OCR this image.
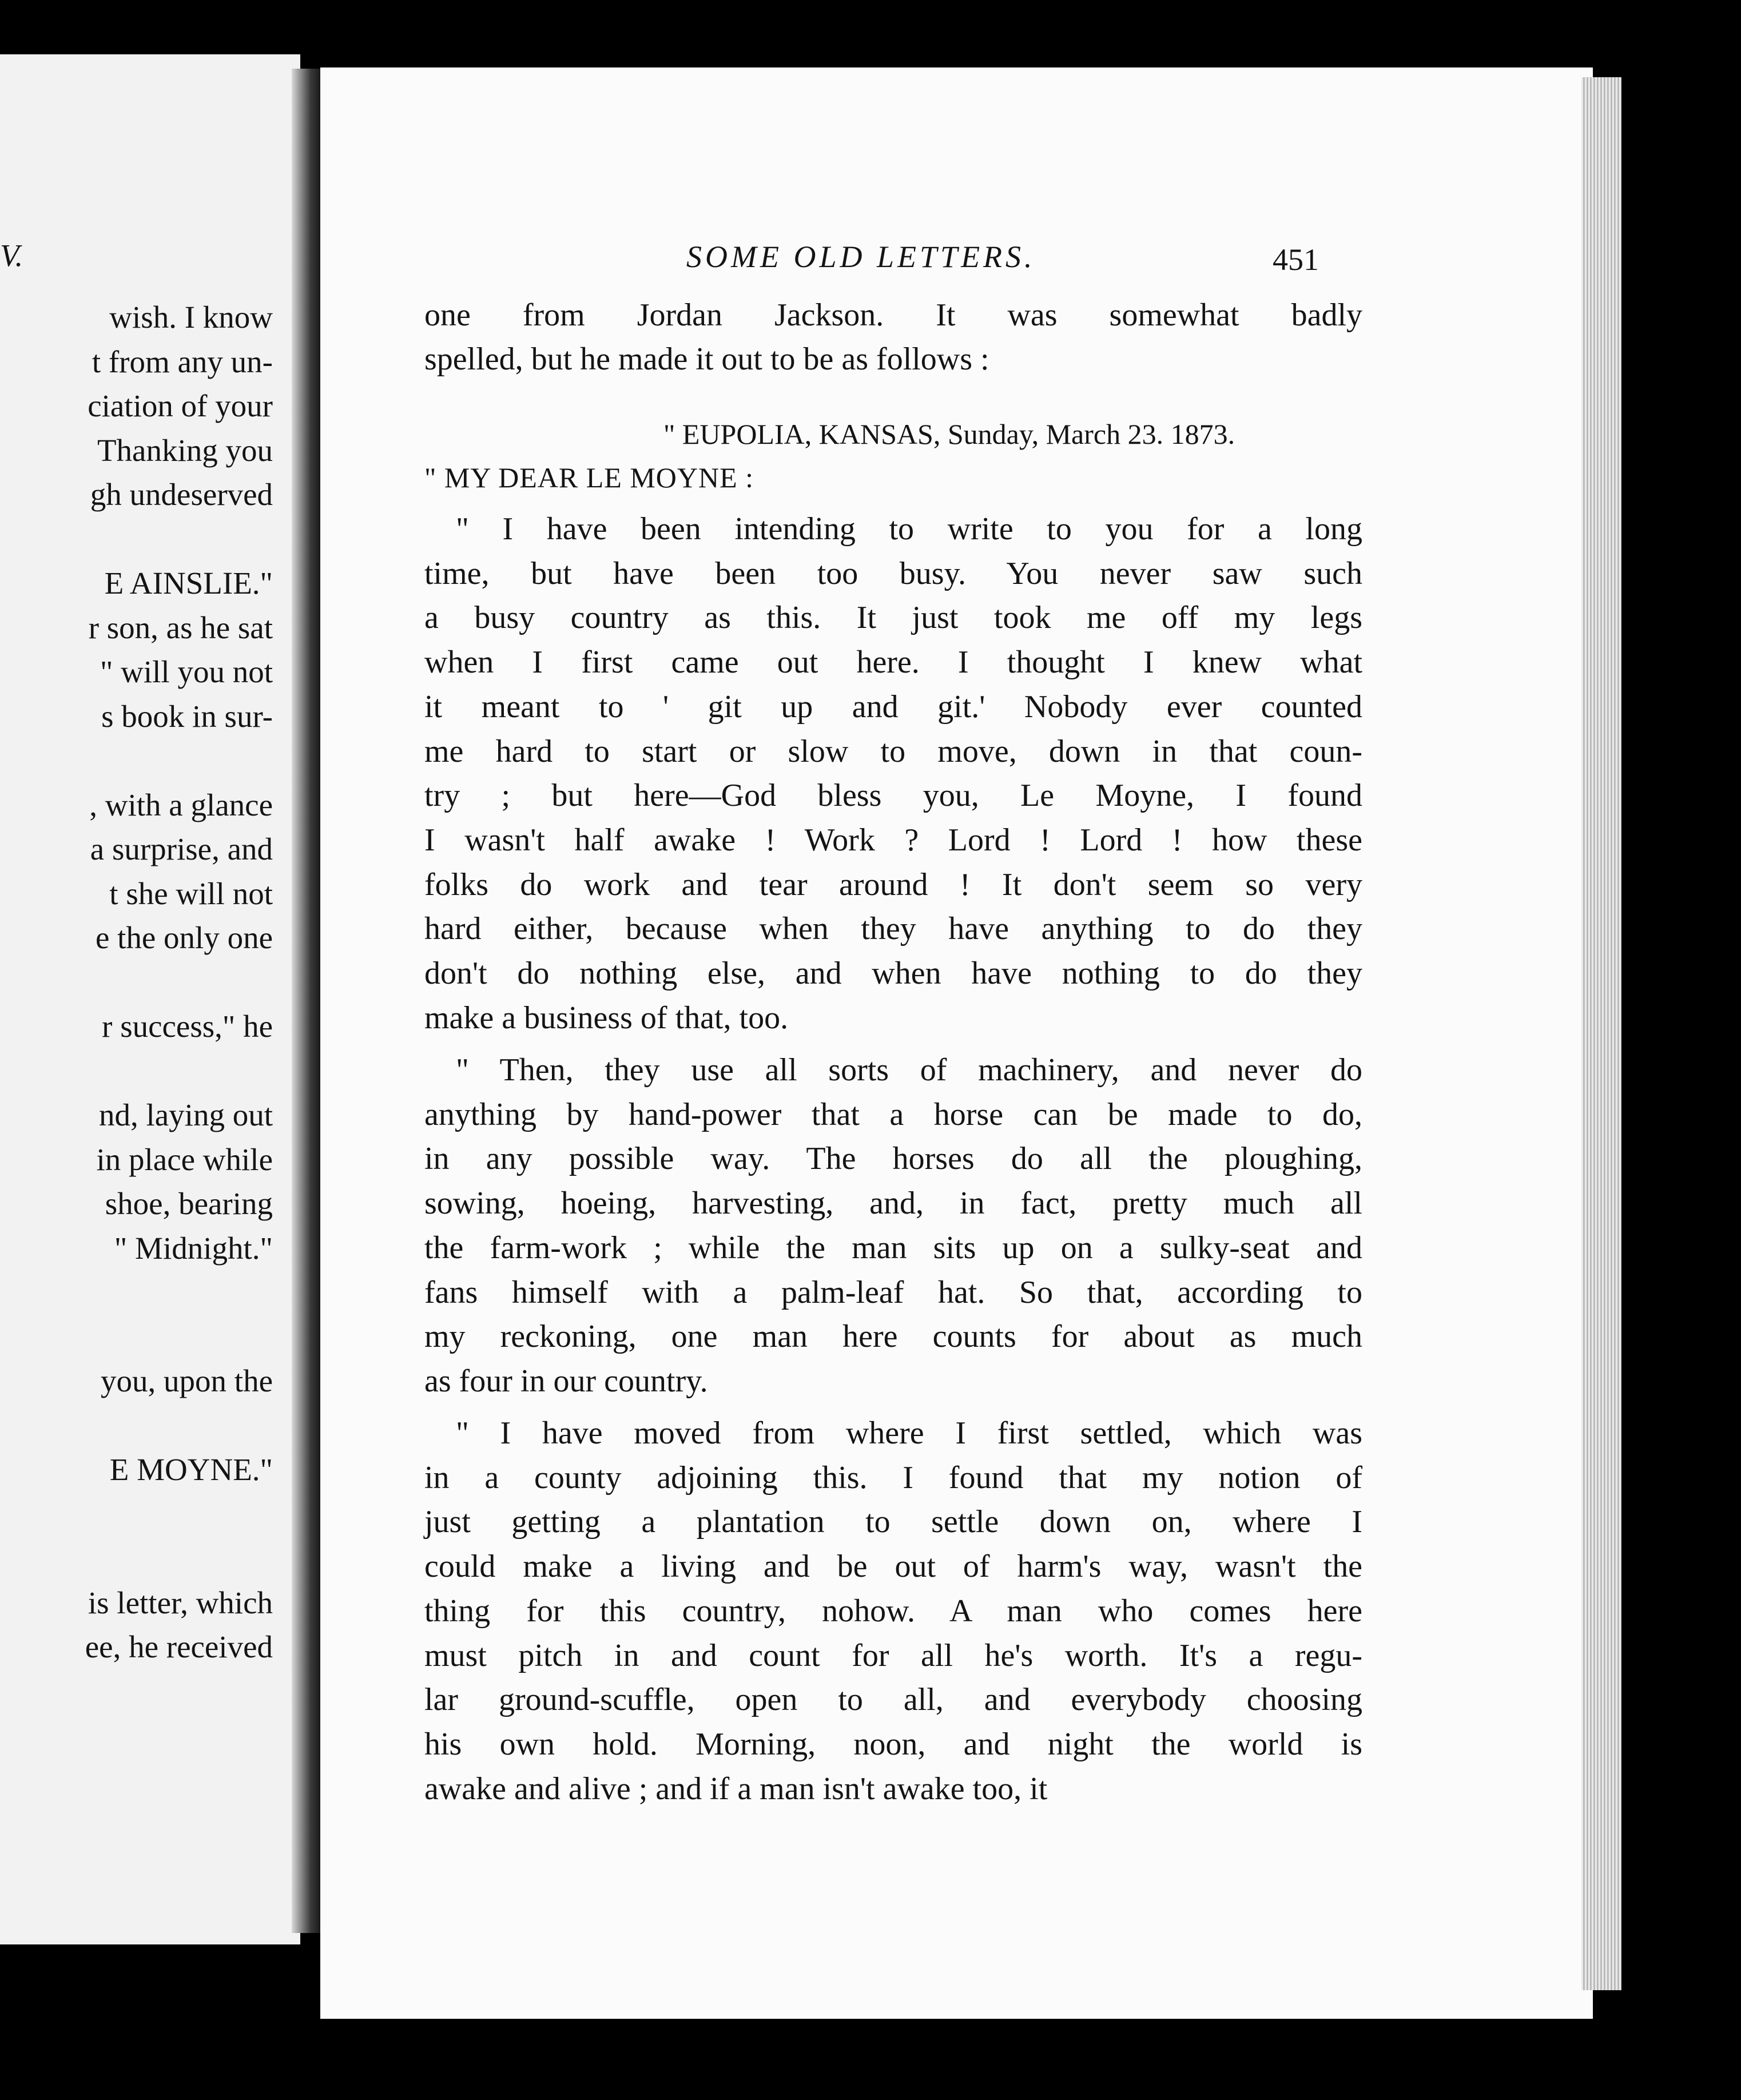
V.
wish. I know
t from any un-
ciation of your
Thanking you
gh undeserved
E AINSLIE."
r son, as he sat
" will you not
s book in sur-
, with a glance
a surprise, and
t she will not
e the only one
r success," he
nd, laying out
in place while
shoe, bearing
" Midnight."
you, upon the
E MOYNE."
is letter, which
ee, he received
SOME OLD LETTERS.	451
one from Jordan Jackson. It was somewhat badly
spelled, but he made it out to be as follows :
" EUPOLIA, KANSAS, Sunday, March 23. 1873.
" MY DEAR LE MOYNE :
" I have been intending to write to you for a long
time, but have been too busy. You never saw such
a busy country as this. It just took me off my legs
when I first came out here. I thought I knew what
it meant to ' git up and git.' Nobody ever counted
me hard to start or slow to move, down in that coun-
try ; but here—God bless you, Le Moyne, I found
I wasn't half awake ! Work ? Lord ! Lord ! how these
folks do work and tear around ! It don't seem so very
hard either, because when they have anything to do they
don't do nothing else, and when have nothing to do they
make a business of that, too.
" Then, they use all sorts of machinery, and never do
anything by hand-power that a horse can be made to do,
in any possible way. The horses do all the ploughing,
sowing, hoeing, harvesting, and, in fact, pretty much all
the farm-work ; while the man sits up on a sulky-seat and
fans himself with a palm-leaf hat. So that, according to
my reckoning, one man here counts for about as much
as four in our country.
" I have moved from where I first settled, which was
in a county adjoining this. I found that my notion of
just getting a plantation to settle down on, where I
could make a living and be out of harm's way, wasn't the
thing for this country, nohow. A man who comes here
must pitch in and count for all he's worth. It's a regu-
lar ground-scuffle, open to all, and everybody choosing
his own hold. Morning, noon, and night the world is
awake and alive ; and if a man isn't awake too, it
